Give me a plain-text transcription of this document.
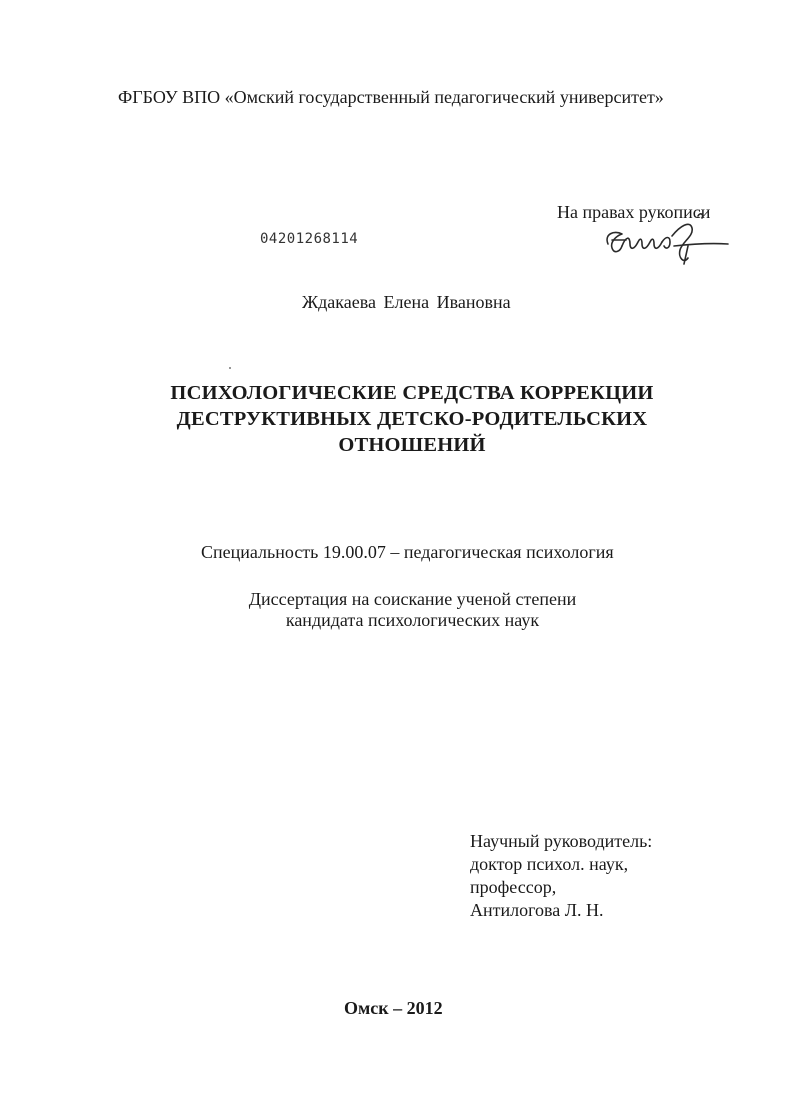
ФГБОУ ВПО «Омский государственный педагогический университет»
На правах рукописи
04201268114
Ждакаева Елена Ивановна
ПСИХОЛОГИЧЕСКИЕ СРЕДСТВА КОРРЕКЦИИ
ДЕСТРУКТИВНЫХ ДЕТСКО-РОДИТЕЛЬСКИХ
ОТНОШЕНИЙ
Специальность 19.00.07 – педагогическая психология
Диссертация на соискание ученой степени
кандидата психологических наук
Научный руководитель:
доктор психол. наук,
профессор,
Антилогова Л. Н.
Омск – 2012
